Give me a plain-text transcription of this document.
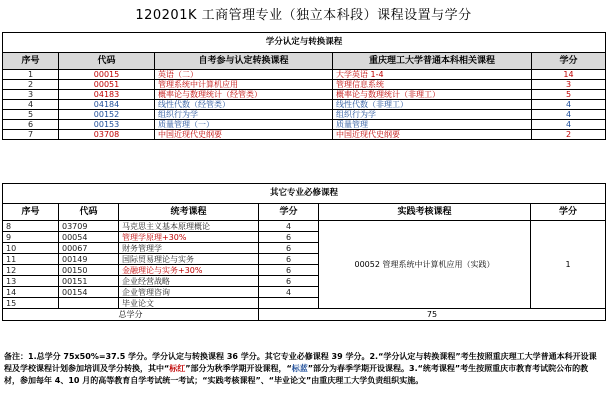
120201K 工商管理专业（独立本科段）课程设置与学分
学分认定与转换课程				
序号	代码	自考参与认定转换课程	重庆理工大学普通本科相关课程	学分
1	00015	英语（二）	大学英语 1-4	14
2	00051	管理系统中计算机应用	管理信息系统	3
3	04183	概率论与数理统计（经管类）	概率论与数理统计（非理工）	5
4	04184	线性代数（经管类）	线性代数（非理工）	4
5	00152	组织行为学	组织行为学	4
6	00153	质量管理（一）	质量管理	4
7	03708	中国近现代史纲要	中国近现代史纲要	2
其它专业必修课程					
序号	代码	统考课程	学分	实践考核课程	学分
8	03709	马克思主义基本原理概论	4	00052 管理系统中计算机应用（实践）	1
9	00054	管理学原理+30%	6		
10	00067	财务管理学	6		
11	00149	国际贸易理论与实务	6		
12	00150	金融理论与实务+30%	6		
13	00151	企业经营战略	6		
14	00154	企业管理咨询	4		
15		毕业论文			
总学分			75		
备注：1.总学分 75x50%=37.5 学分。学分认定与转换课程 36 学分。其它专业必修课程 39 学分。2.“学分认定与转换课程”考生按照重庆理工大学普通本科开设课程及学校课程计划参加培训及学分转换，其中“标红”部分为秋季学期开设课程，“标蓝”部分为春季学期开设课程。3.“统考课程”考生按照重庆市教育考试院公布的教材，参加每年 4、10 月的高等教育自学考试统一考试；“实践考核课程”、“毕业论文”由重庆理工大学负责组织实施。
